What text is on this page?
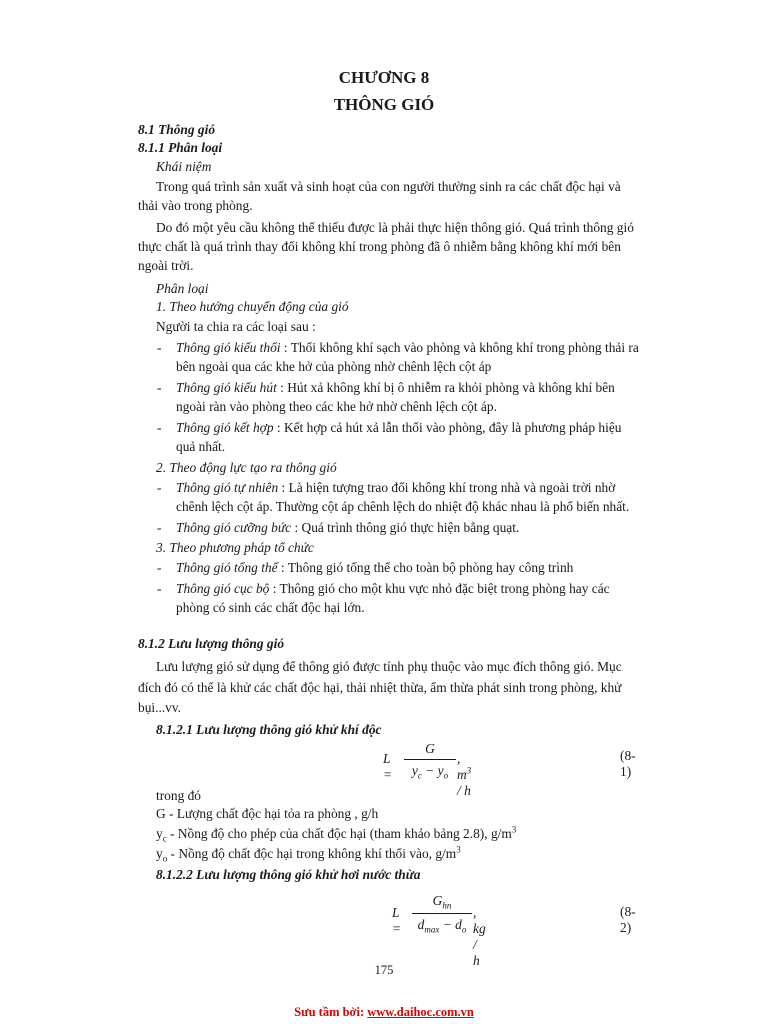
CHƯƠNG 8
THÔNG GIÓ
8.1 Thông gió
8.1.1 Phân loại
Khái niệm
Trong quá trình sản xuất và sinh hoạt của con người thường sinh ra các chất độc hại và
thải vào trong phòng.
Do đó một yêu cầu không thể thiếu được là phải thực hiện thông gió. Quá trình thông gió
thực chất là quá trình thay đổi không khí trong phòng đã ô nhiễm bằng không khí mới bên
ngoài trời.
Phân loại
1. Theo hướng chuyển động của gió
Người ta chia ra các loại sau :
- Thông gió kiểu thổi : Thổi không khí sạch vào phòng và không khí trong phòng thải ra
bên ngoài qua các khe hở của phòng nhờ chênh lệch cột áp
- Thông gió kiểu hút : Hút xả không khí bị ô nhiễm ra khỏi phòng và không khí bên
ngoài ràn vào phòng theo các khe hở nhờ chênh lệch cột áp.
- Thông gió kết hợp : Kết hợp cả hút xả lẫn thổi vào phòng, đây là phương pháp hiệu
quả nhất.
2. Theo động lực tạo ra thông gió
- Thông gió tự nhiên : Là hiện tượng trao đổi không khí trong nhà và ngoài trời nhờ
chênh lệch cột áp. Thường cột áp chênh lệch do nhiệt độ khác nhau là phổ biến nhất.
- Thông gió cưỡng bức : Quá trình thông gió thực hiện bằng quạt.
3. Theo phương pháp tổ chức
- Thông gió tổng thể : Thông gió tổng thể cho toàn bộ phòng hay công trình
- Thông gió cục bộ : Thông gió cho một khu vực nhỏ đặc biệt trong phòng hay các
phòng có sinh các chất độc hại lớn.
8.1.2 Lưu lượng thông gió
Lưu lượng gió sử dụng để thông gió được tính phụ thuộc vào mục đích thông gió. Mục
đích đó có thể là khử các chất độc hại, thải nhiệt thừa, ẩm thừa phát sinh trong phòng, khử
bụi...vv.
8.1.2.1 Lưu lượng thông gió khử khí độc
L =
G
$y_c - y_o$
, $m^3$ / h
(8-1)
trong đó
G - Lượng chất độc hại tỏa ra phòng , g/h
$y_c$ - Nồng độ cho phép của chất độc hại (tham khảo bảng 2.8), $g/m^3$
$y_o$ - Nồng độ chất độc hại trong không khí thổi vào, $g/m^3$
8.1.2.2 Lưu lượng thông gió khử hơi nước thừa
L =
$G_{hn}$
$d_{max} - d_o$
, kg / h
(8-2)
175
Sưu tầm bởi: www.daihoc.com.vn
